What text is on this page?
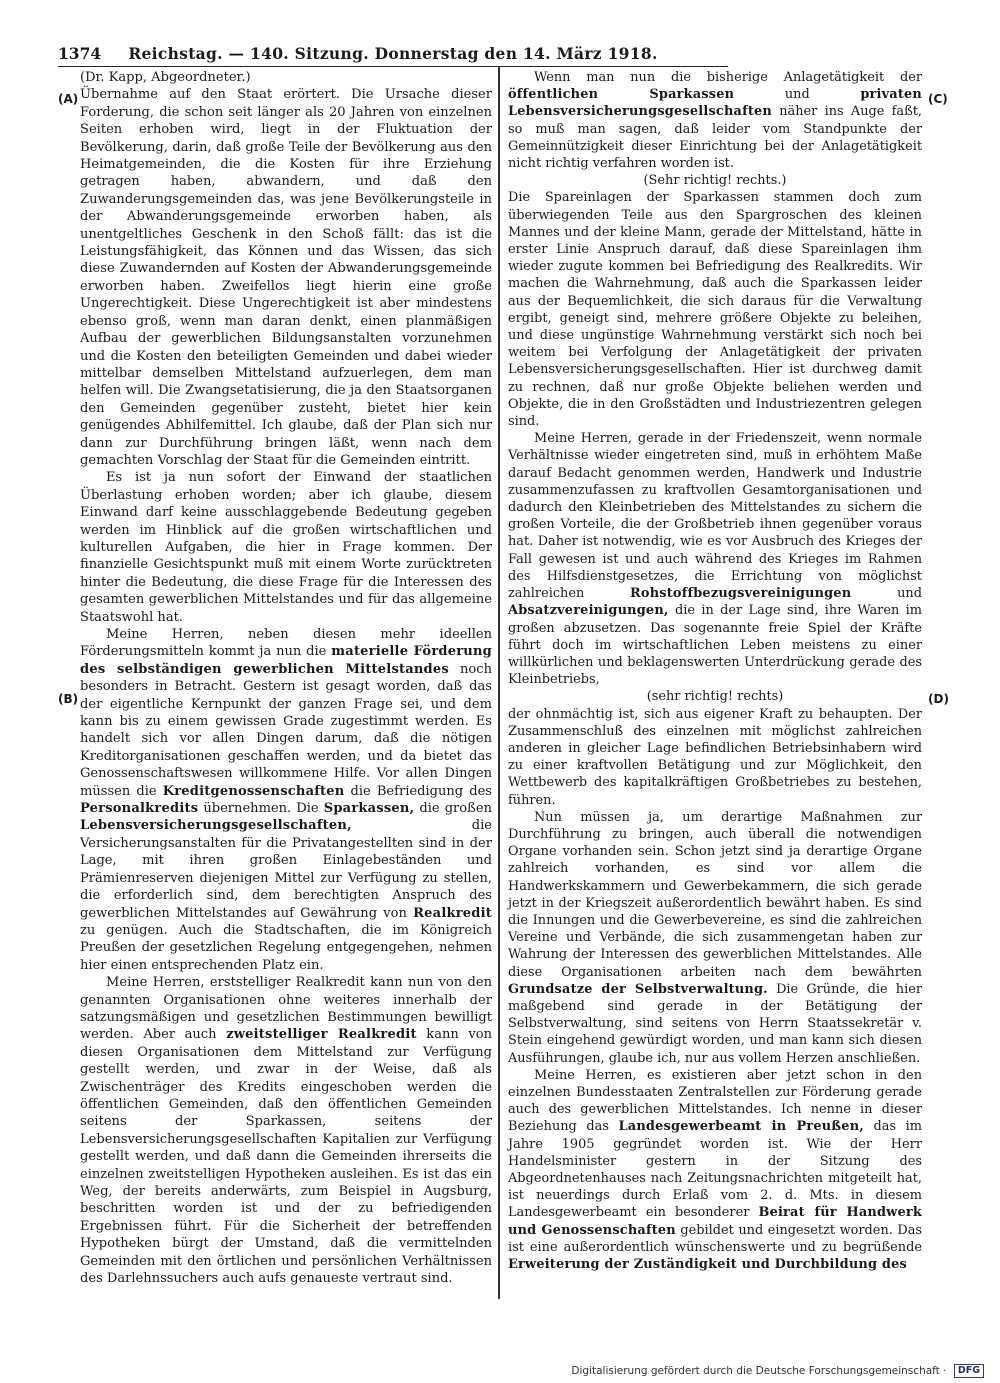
1374	Reichstag. — 140. Sitzung. Donnerstag den 14. März 1918.
(A)
(B)
(C)
(D)

(Dr. Kapp, Abgeordneter.)

Übernahme auf den Staat erörtert. Die Ursache dieser Forderung, die schon seit länger als 20 Jahren von einzelnen Seiten erhoben wird, liegt in der Fluktuation der Bevölkerung, darin, daß große Teile der Bevölkerung aus den Heimatgemeinden, die die Kosten für ihre Erziehung getragen haben, abwandern, und daß den Zuwanderungsgemeinden das, was jene Bevölkerungsteile in der Abwanderungsgemeinde erworben haben, als unentgeltliches Geschenk in den Schoß fällt: das ist die Leistungsfähigkeit, das Können und das Wissen, das sich diese Zuwandernden auf Kosten der Abwanderungsgemeinde erworben haben. Zweifellos liegt hierin eine große Ungerechtigkeit. Diese Ungerechtigkeit ist aber mindestens ebenso groß, wenn man daran denkt, einen planmäßigen Aufbau der gewerblichen Bildungsanstalten vorzunehmen und die Kosten den beteiligten Gemeinden und dabei wieder mittelbar demselben Mittelstand aufzuerlegen, dem man helfen will. Die Zwangsetatisierung, die ja den Staatsorganen den Gemeinden gegenüber zusteht, bietet hier kein genügendes Abhilfemittel. Ich glaube, daß der Plan sich nur dann zur Durchführung bringen läßt, wenn nach dem gemachten Vorschlag der Staat für die Gemeinden eintritt.

Es ist ja nun sofort der Einwand der staatlichen Überlastung erhoben worden; aber ich glaube, diesem Einwand darf keine ausschlaggebende Bedeutung gegeben werden im Hinblick auf die großen wirtschaftlichen und kulturellen Aufgaben, die hier in Frage kommen. Der finanzielle Gesichtspunkt muß mit einem Worte zurücktreten hinter die Bedeutung, die diese Frage für die Interessen des gesamten gewerblichen Mittelstandes und für das allgemeine Staatswohl hat.

Meine Herren, neben diesen mehr ideellen Förderungsmitteln kommt ja nun die materielle Förderung des selbständigen gewerblichen Mittelstandes noch besonders in Betracht. Gestern ist gesagt worden, daß das der eigentliche Kernpunkt der ganzen Frage sei, und dem kann bis zu einem gewissen Grade zugestimmt werden. Es handelt sich vor allen Dingen darum, daß die nötigen Kreditorganisationen geschaffen werden, und da bietet das Genossenschaftswesen willkommene Hilfe. Vor allen Dingen müssen die Kreditgenossenschaften die Befriedigung des Personalkredits übernehmen. Die Sparkassen, die großen Lebensversicherungsgesellschaften, die Versicherungsanstalten für die Privatangestellten sind in der Lage, mit ihren großen Einlagebeständen und Prämienreserven diejenigen Mittel zur Verfügung zu stellen, die erforderlich sind, dem berechtigten Anspruch des gewerblichen Mittelstandes auf Gewährung von Realkredit zu genügen. Auch die Stadtschaften, die im Königreich Preußen der gesetzlichen Regelung entgegengehen, nehmen hier einen entsprechenden Platz ein.

Meine Herren, erststelliger Realkredit kann nun von den genannten Organisationen ohne weiteres innerhalb der satzungsmäßigen und gesetzlichen Bestimmungen bewilligt werden. Aber auch zweitstelliger Realkredit kann von diesen Organisationen dem Mittelstand zur Verfügung gestellt werden, und zwar in der Weise, daß als Zwischenträger des Kredits eingeschoben werden die öffentlichen Gemeinden, daß den öffentlichen Gemeinden seitens der Sparkassen, seitens der Lebensversicherungsgesellschaften Kapitalien zur Verfügung gestellt werden, und daß dann die Gemeinden ihrerseits die einzelnen zweitstelligen Hypotheken ausleihen. Es ist das ein Weg, der bereits anderwärts, zum Beispiel in Augsburg, beschritten worden ist und der zu befriedigenden Ergebnissen führt. Für die Sicherheit der betreffenden Hypotheken bürgt der Umstand, daß die vermittelnden Gemeinden mit den örtlichen und persönlichen Verhältnissen des Darlehnssuchers auch aufs genaueste vertraut sind.

Wenn man nun die bisherige Anlagetätigkeit der öffentlichen Sparkassen und privaten Lebensversicherungsgesellschaften näher ins Auge faßt, so muß man sagen, daß leider vom Standpunkte der Gemeinnützigkeit dieser Einrichtung bei der Anlagetätigkeit nicht richtig verfahren worden ist.

(Sehr richtig! rechts.)

Die Spareinlagen der Sparkassen stammen doch zum überwiegenden Teile aus den Spargroschen des kleinen Mannes und der kleine Mann, gerade der Mittelstand, hätte in erster Linie Anspruch darauf, daß diese Spareinlagen ihm wieder zugute kommen bei Befriedigung des Realkredits. Wir machen die Wahrnehmung, daß auch die Sparkassen leider aus der Bequemlichkeit, die sich daraus für die Verwaltung ergibt, geneigt sind, mehrere größere Objekte zu beleihen, und diese ungünstige Wahrnehmung verstärkt sich noch bei weitem bei Verfolgung der Anlagetätigkeit der privaten Lebensversicherungsgesellschaften. Hier ist durchweg damit zu rechnen, daß nur große Objekte beliehen werden und Objekte, die in den Großstädten und Industriezentren gelegen sind.

Meine Herren, gerade in der Friedenszeit, wenn normale Verhältnisse wieder eingetreten sind, muß in erhöhtem Maße darauf Bedacht genommen werden, Handwerk und Industrie zusammenzufassen zu kraftvollen Gesamtorganisationen und dadurch den Kleinbetrieben des Mittelstandes zu sichern die großen Vorteile, die der Großbetrieb ihnen gegenüber voraus hat. Daher ist notwendig, wie es vor Ausbruch des Krieges der Fall gewesen ist und auch während des Krieges im Rahmen des Hilfsdienstgesetzes, die Errichtung von möglichst zahlreichen Rohstoffbezugsvereinigungen und Absatzvereinigungen, die in der Lage sind, ihre Waren im großen abzusetzen. Das sogenannte freie Spiel der Kräfte führt doch im wirtschaftlichen Leben meistens zu einer willkürlichen und beklagenswerten Unterdrückung gerade des Kleinbetriebs,

(sehr richtig! rechts)

der ohnmächtig ist, sich aus eigener Kraft zu behaupten. Der Zusammenschluß des einzelnen mit möglichst zahlreichen anderen in gleicher Lage befindlichen Betriebsinhabern wird zu einer kraftvollen Betätigung und zur Möglichkeit, den Wettbewerb des kapitalkräftigen Großbetriebes zu bestehen, führen.

Nun müssen ja, um derartige Maßnahmen zur Durchführung zu bringen, auch überall die notwendigen Organe vorhanden sein. Schon jetzt sind ja derartige Organe zahlreich vorhanden, es sind vor allem die Handwerkskammern und Gewerbekammern, die sich gerade jetzt in der Kriegszeit außerordentlich bewährt haben. Es sind die Innungen und die Gewerbevereine, es sind die zahlreichen Vereine und Verbände, die sich zusammengetan haben zur Wahrung der Interessen des gewerblichen Mittelstandes. Alle diese Organisationen arbeiten nach dem bewährten Grundsatze der Selbstverwaltung. Die Gründe, die hier maßgebend sind gerade in der Betätigung der Selbstverwaltung, sind seitens von Herrn Staatssekretär v. Stein eingehend gewürdigt worden, und man kann sich diesen Ausführungen, glaube ich, nur aus vollem Herzen anschließen.

Meine Herren, es existieren aber jetzt schon in den einzelnen Bundesstaaten Zentralstellen zur Förderung gerade auch des gewerblichen Mittelstandes. Ich nenne in dieser Beziehung das Landesgewerbeamt in Preußen, das im Jahre 1905 gegründet worden ist. Wie der Herr Handelsminister gestern in der Sitzung des Abgeordnetenhauses nach Zeitungsnachrichten mitgeteilt hat, ist neuerdings durch Erlaß vom 2. d. Mts. in diesem Landesgewerbeamt ein besonderer Beirat für Handwerk und Genossenschaften gebildet und eingesetzt worden. Das ist eine außerordentlich wünschenswerte und zu begrüßende Erweiterung der Zuständigkeit und Durchbildung des

Digitalisierung gefördert durch die Deutsche Forschungsgemeinschaft · DFG
